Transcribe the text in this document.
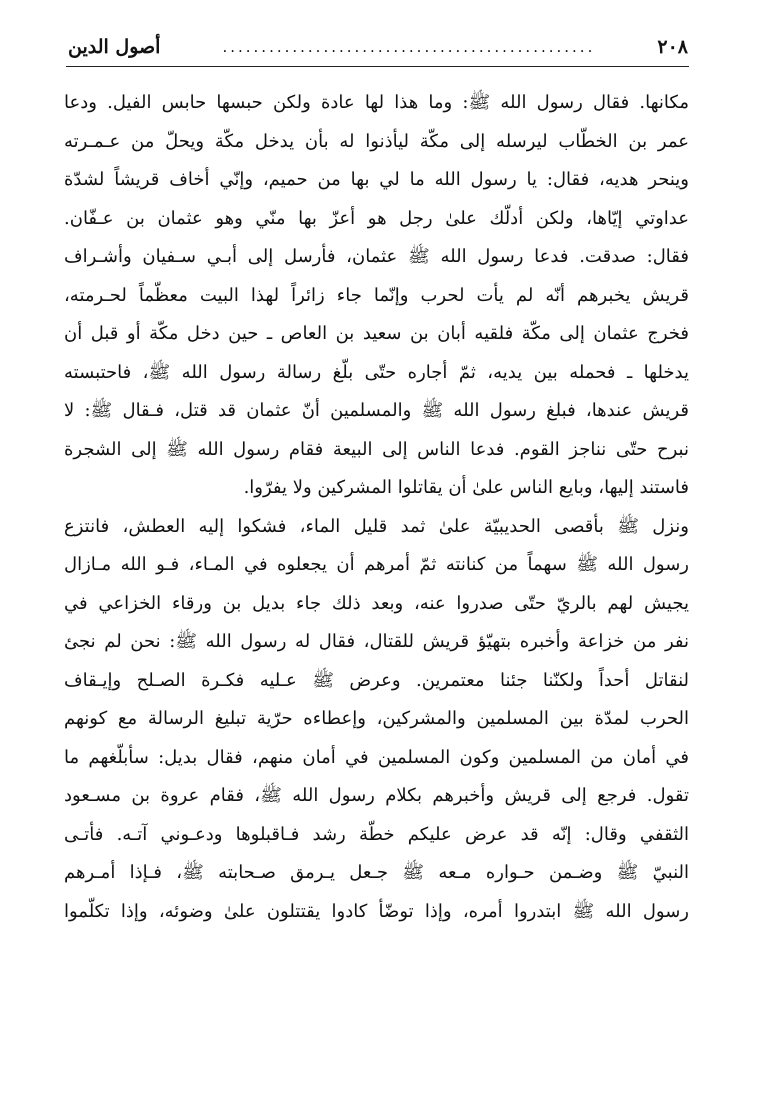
٢٠٨
................................................
أصول الدين
مكانها. فقال رسول الله ﷺ: وما هذا لها عادة ولكن حبسها حابس الفيل. ودعا
عمر بن الخطّاب ليرسله إلى مكّة ليأذنوا له بأن يدخل مكّة ويحلّ من عـمـرته
وينحر هديه، فقال: يا رسول الله ما لي بها من حميم، وإنّي أخاف قريشاً لشدّة
عداوتي إيّاها، ولكن أدلّك علىٰ رجل هو أعزّ بها منّي وهو عثمان بن عـفّان.
فقال: صدقت. فدعا رسول الله ﷺ عثمان، فأرسل إلى أبـي سـفيان وأشـراف
قريش يخبرهم أنّه لم يأت لحرب وإنّما جاء زائراً لهذا البيت معظّماً لحـرمته،
فخرج عثمان إلى مكّة فلقيه أبان بن سعيد بن العاص ـ حين دخل مكّة أو قبل أن
يدخلها ـ فحمله بين يديه، ثمّ أجاره حتّى بلّغ رسالة رسول الله ﷺ، فاحتبسته
قريش عندها، فبلغ رسول الله ﷺ والمسلمين أنّ عثمان قد قتل، فـقال ﷺ: لا
نبرح حتّى نناجز القوم. فدعا الناس إلى البيعة فقام رسول الله ﷺ إلى الشجرة
فاستند إليها، وبايع الناس علىٰ أن يقاتلوا المشركين ولا يفرّوا.
ونزل ﷺ بأقصى الحديبيّة علىٰ ثمد قليل الماء، فشكوا إليه العطش، فانتزع
رسول الله ﷺ سهماً من كنانته ثمّ أمرهم أن يجعلوه في المـاء، فـو الله مـازال
يجيش لهم بالريّ حتّى صدروا عنه، وبعد ذلك جاء بديل بن ورقاء الخزاعي في
نفر من خزاعة وأخبره بتهيّؤ قريش للقتال، فقال له رسول الله ﷺ: نحن لم نجئ
لنقاتل أحداً ولكنّنا جئنا معتمرين. وعرض ﷺ عـليه فكـرة الصـلح وإيـقاف
الحرب لمدّة بين المسلمين والمشركين، وإعطاءه حرّية تبليغ الرسالة مع كونهم
في أمان من المسلمين وكون المسلمين في أمان منهم، فقال بديل: سأبلّغهم ما
تقول. فرجع إلى قريش وأخبرهم بكلام رسول الله ﷺ، فقام عروة بن مسـعود
الثقفي وقال: إنّه قد عرض عليكم خطّة رشد فـاقبلوها ودعـوني آتـه. فأتـى
النبيّ ﷺ وضـمن حـواره مـعه ﷺ جـعل يـرمق صـحابته ﷺ، فـإذا أمـرهم
رسول الله ﷺ ابتدروا أمره، وإذا توضّأ كادوا يقتتلون علىٰ وضوئه، وإذا تكلّموا
